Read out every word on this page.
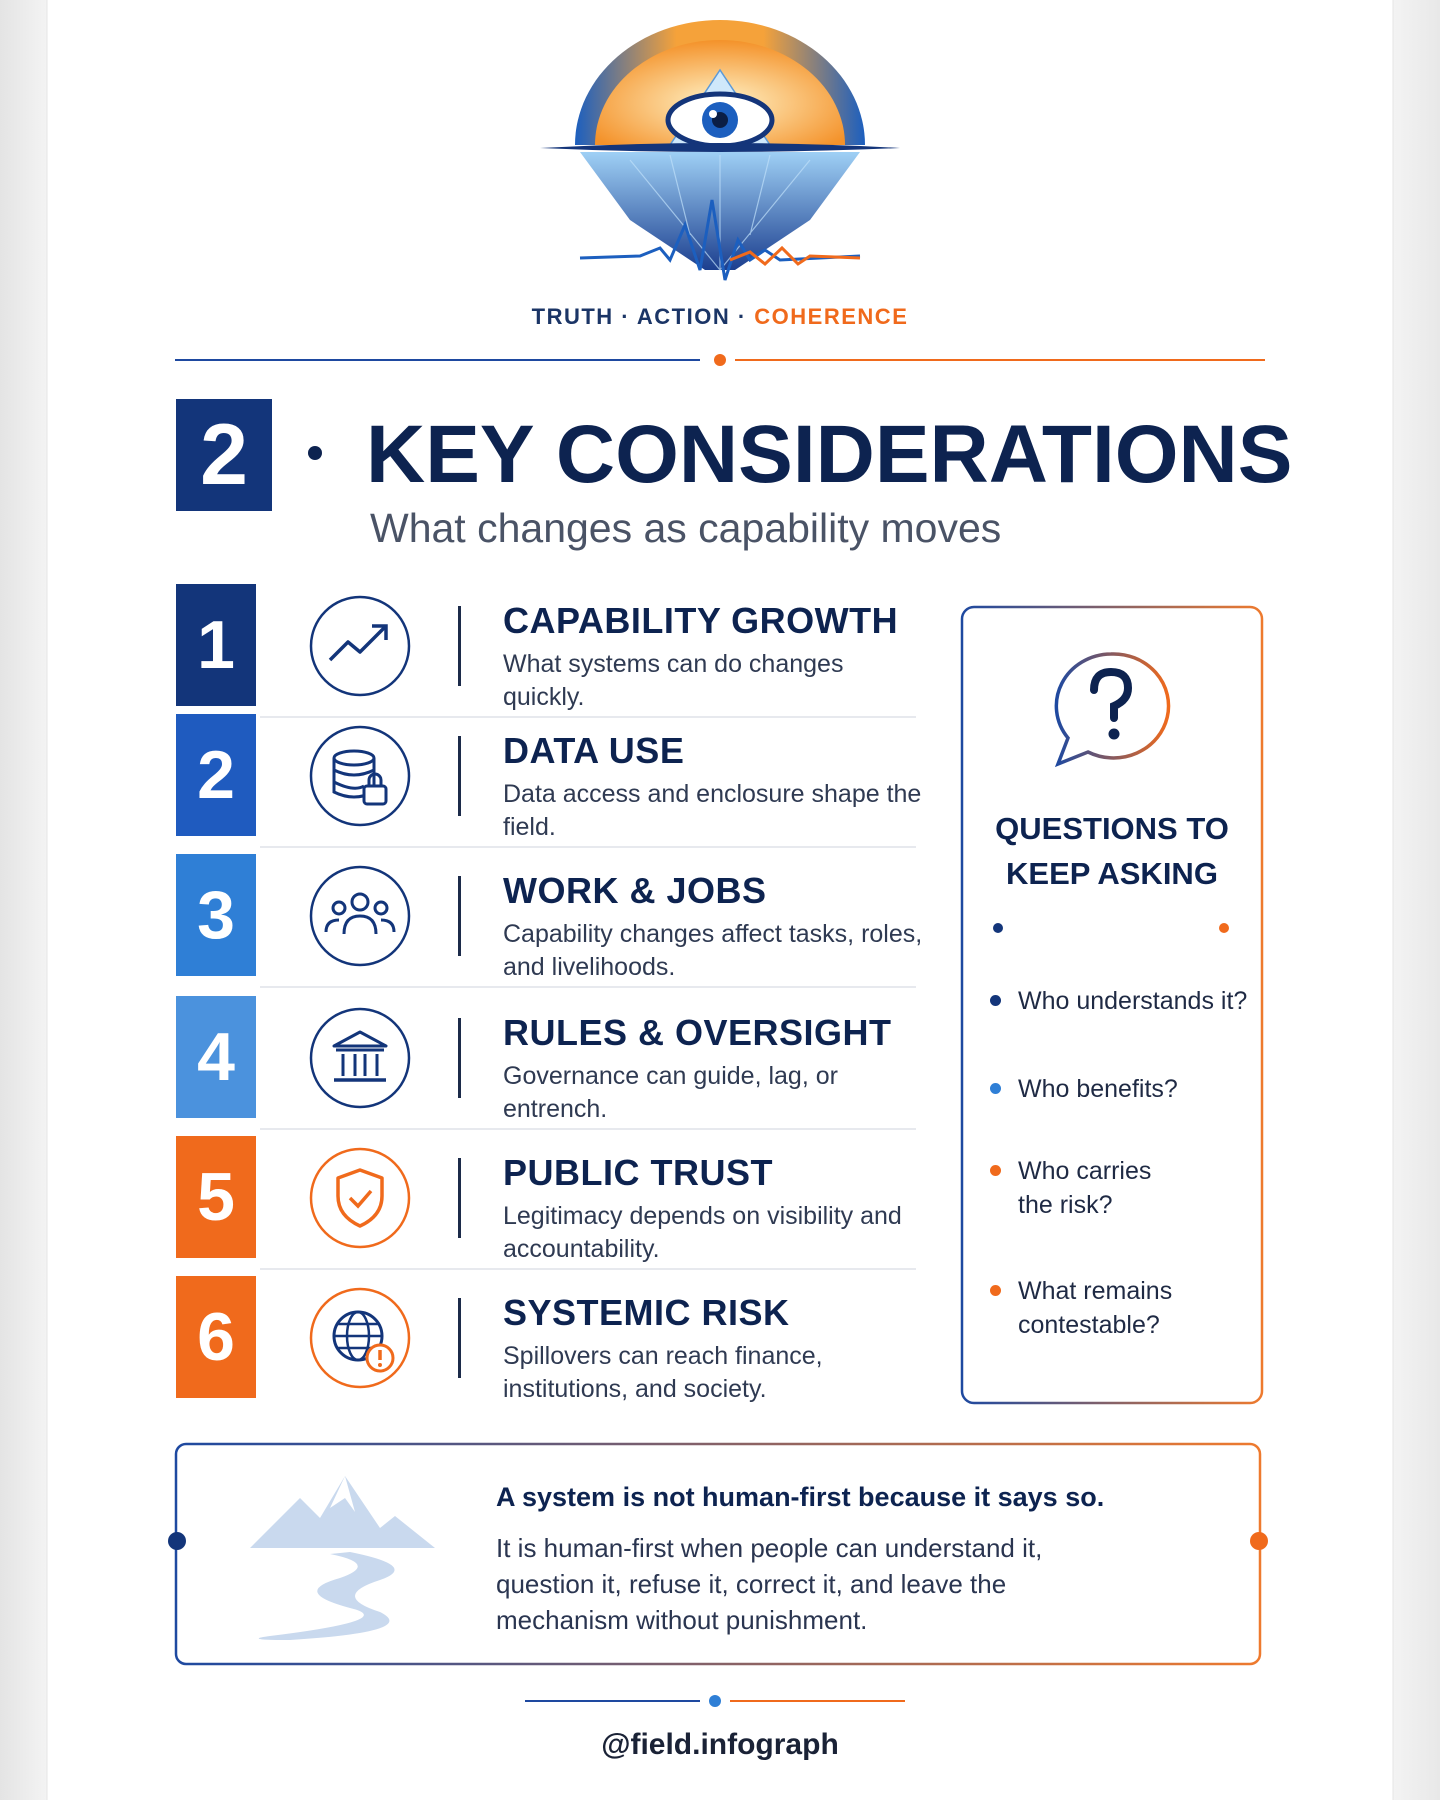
TRUTH · ACTION · COHERENCE
2 KEY CONSIDERATIONS
What changes as capability moves
1	CAPABILITY GROWTH
What systems can do changes quickly.
2	DATA USE
Data access and enclosure shape the field.
3	WORK & JOBS
Capability changes affect tasks, roles, and livelihoods.
4	RULES & OVERSIGHT
Governance can guide, lag, or entrench.
5	PUBLIC TRUST
Legitimacy depends on visibility and accountability.
6	SYSTEMIC RISK
Spillovers can reach finance, institutions, and society.
QUESTIONS TO KEEP ASKING
Who understands it?
Who benefits?
Who carries the risk?
What remains contestable?
A system is not human-first because it says so.
It is human-first when people can understand it, question it, refuse it, correct it, and leave the mechanism without punishment.
@field.infograph
